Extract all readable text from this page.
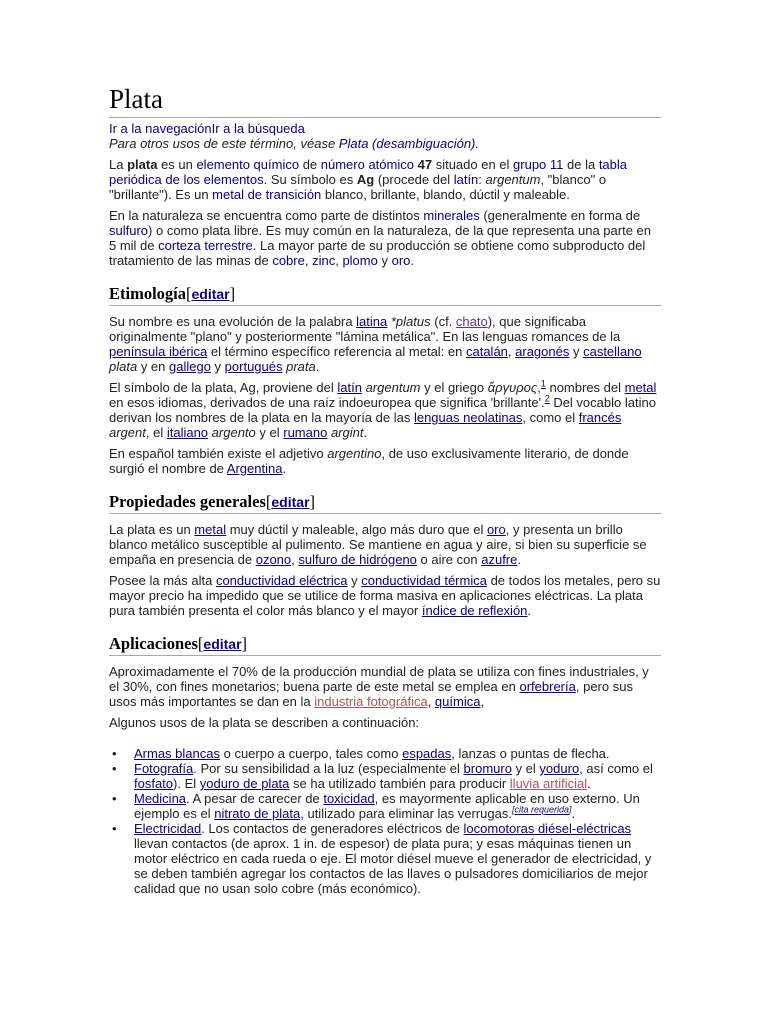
Plata
Ir a la navegaciónIr a la búsqueda
Para otros usos de este término, véase Plata (desambiguación).

La plata es un elemento químico de número atómico 47 situado en el grupo 11 de la tabla periódica de los elementos. Su símbolo es Ag (procede del latín: argentum, "blanco" o "brillante"). Es un metal de transición blanco, brillante, blando, dúctil y maleable.

En la naturaleza se encuentra como parte de distintos minerales (generalmente en forma de sulfuro) o como plata libre. Es muy común en la naturaleza, de la que representa una parte en 5 mil de corteza terrestre. La mayor parte de su producción se obtiene como subproducto del tratamiento de las minas de cobre, zinc, plomo y oro.

Etimología[editar]

Su nombre es una evolución de la palabra latina *platus (cf. chato), que significaba originalmente "plano" y posteriormente "lámina metálica". En las lenguas romances de la península ibérica el término específico referencia al metal: en catalán, aragonés y castellano plata y en gallego y portugués prata.

El símbolo de la plata, Ag, proviene del latín argentum y el griego ἄργυρος,$^1$ nombres del metal en esos idiomas, derivados de una raíz indoeuropea que significa 'brillante'.$^2$ Del vocablo latino derivan los nombres de la plata en la mayoría de las lenguas neolatinas, como el francés argent, el italiano argento y el rumano argint.

En español también existe el adjetivo argentino, de uso exclusivamente literario, de donde surgió el nombre de Argentina.

Propiedades generales[editar]

La plata es un metal muy dúctil y maleable, algo más duro que el oro, y presenta un brillo blanco metálico susceptible al pulimento. Se mantiene en agua y aire, si bien su superficie se empaña en presencia de ozono, sulfuro de hidrógeno o aire con azufre.

Posee la más alta conductividad eléctrica y conductividad térmica de todos los metales, pero su mayor precio ha impedido que se utilice de forma masiva en aplicaciones eléctricas. La plata pura también presenta el color más blanco y el mayor índice de reflexión.

Aplicaciones[editar]

Aproximadamente el 70% de la producción mundial de plata se utiliza con fines industriales, y el 30%, con fines monetarios; buena parte de este metal se emplea en orfebrería, pero sus usos más importantes se dan en la industria fotográfica, química,

Algunos usos de la plata se describen a continuación:

• Armas blancas o cuerpo a cuerpo, tales como espadas, lanzas o puntas de flecha.
• Fotografía. Por su sensibilidad a la luz (especialmente el bromuro y el yoduro, así como el fosfato). El yoduro de plata se ha utilizado también para producir lluvia artificial.
• Medicina. A pesar de carecer de toxicidad, es mayormente aplicable en uso externo. Un ejemplo es el nitrato de plata, utilizado para eliminar las verrugas.[cita requerida].
• Electricidad. Los contactos de generadores eléctricos de locomotoras diésel-eléctricas llevan contactos (de aprox. 1 in. de espesor) de plata pura; y esas máquinas tienen un motor eléctrico en cada rueda o eje. El motor diésel mueve el generador de electricidad, y se deben también agregar los contactos de las llaves o pulsadores domiciliarios de mejor calidad que no usan solo cobre (más económico).
